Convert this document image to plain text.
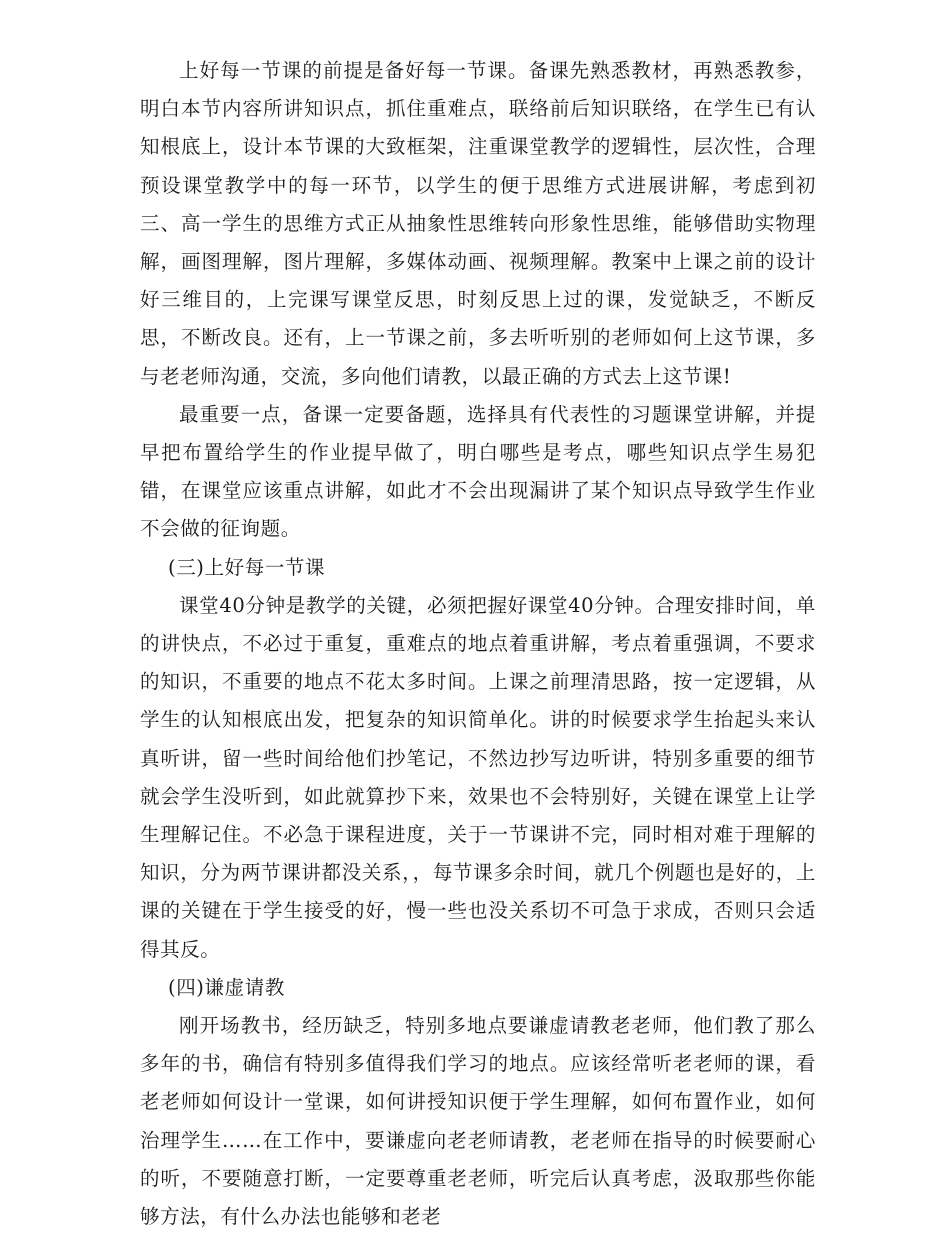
上好每一节课的前提是备好每一节课。备课先熟悉教材，再熟悉教参，明白本节内容所讲知识点，抓住重难点，联络前后知识联络，在学生已有认知根底上，设计本节课的大致框架，注重课堂教学的逻辑性，层次性，合理预设课堂教学中的每一环节，以学生的便于思维方式进展讲解，考虑到初三、高一学生的思维方式正从抽象性思维转向形象性思维，能够借助实物理解，画图理解，图片理解，多媒体动画、视频理解。教案中上课之前的设计好三维目的，上完课写课堂反思，时刻反思上过的课，发觉缺乏，不断反思，不断改良。还有，上一节课之前，多去听听别的老师如何上这节课，多与老老师沟通，交流，多向他们请教，以最正确的方式去上这节课!

最重要一点，备课一定要备题，选择具有代表性的习题课堂讲解，并提早把布置给学生的作业提早做了，明白哪些是考点，哪些知识点学生易犯错，在课堂应该重点讲解，如此才不会出现漏讲了某个知识点导致学生作业不会做的征询题。

(三)上好每一节课

课堂40分钟是教学的关键，必须把握好课堂40分钟。合理安排时间，单的讲快点，不必过于重复，重难点的地点着重讲解，考点着重强调，不要求的知识，不重要的地点不花太多时间。上课之前理清思路，按一定逻辑，从学生的认知根底出发，把复杂的知识简单化。讲的时候要求学生抬起头来认真听讲，留一些时间给他们抄笔记，不然边抄写边听讲，特别多重要的细节就会学生没听到，如此就算抄下来，效果也不会特别好，关键在课堂上让学生理解记住。不必急于课程进度，关于一节课讲不完，同时相对难于理解的知识，分为两节课讲都没关系，，每节课多余时间，就几个例题也是好的，上课的关键在于学生接受的好，慢一些也没关系切不可急于求成，否则只会适得其反。

(四)谦虚请教

刚开场教书，经历缺乏，特别多地点要谦虚请教老老师，他们教了那么多年的书，确信有特别多值得我们学习的地点。应该经常听老老师的课，看老老师如何设计一堂课，如何讲授知识便于学生理解，如何布置作业，如何治理学生……在工作中，要谦虚向老老师请教，老老师在指导的时候要耐心的听，不要随意打断，一定要尊重老老师，听完后认真考虑，汲取那些你能够方法，有什么办法也能够和老老
